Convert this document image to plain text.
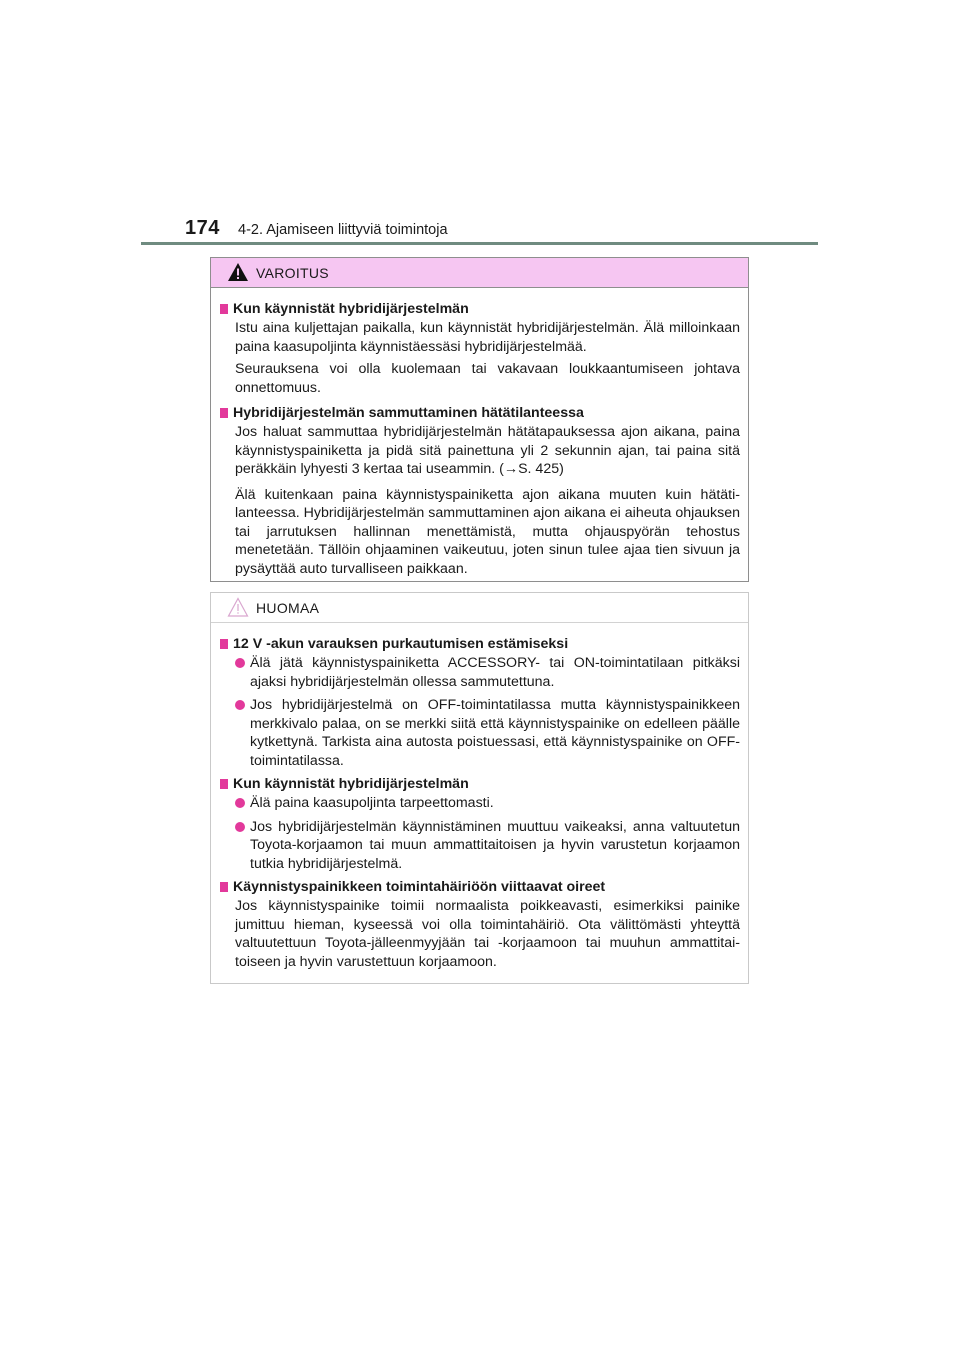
174 4-2. Ajamiseen liittyviä toimintoja
VAROITUS
Kun käynnistät hybridijärjestelmän
Istu aina kuljettajan paikalla, kun käynnistät hybridijärjestelmän. Älä milloinkaan paina kaasupoljinta käynnistäessäsi hybridijärjestelmää.
Seurauksena voi olla kuolemaan tai vakavaan loukkaantumiseen johtava onnettomuus.
Hybridijärjestelmän sammuttaminen hätätilanteessa
Jos haluat sammuttaa hybridijärjestelmän hätätapauksessa ajon aikana, paina käynnistyspainiketta ja pidä sitä painettuna yli 2 sekunnin ajan, tai paina sitä peräkkäin lyhyesti 3 kertaa tai useammin. (→S. 425)
Älä kuitenkaan paina käynnistyspainiketta ajon aikana muuten kuin hätätilanteessa. Hybridijärjestelmän sammuttaminen ajon aikana ei aiheuta ohjauksen tai jarrutuksen hallinnan menettämistä, mutta ohjauspyörän tehostus menetetään. Tällöin ohjaaminen vaikeutuu, joten sinun tulee ajaa tien sivuun ja pysäyttää auto turvalliseen paikkaan.
HUOMAA
12 V -akun varauksen purkautumisen estämiseksi
Älä jätä käynnistyspainiketta ACCESSORY- tai ON-toimintatilaan pitkäksi ajaksi hybridijärjestelmän ollessa sammutettuna.
Jos hybridijärjestelmä on OFF-toimintatilassa mutta käynnistyspainikkeen merkkivalo palaa, on se merkki siitä että käynnistyspainike on edelleen päälle kytkettynä. Tarkista aina autosta poistuessasi, että käynnistyspainike on OFF-toimintatilassa.
Kun käynnistät hybridijärjestelmän
Älä paina kaasupoljinta tarpeettomasti.
Jos hybridijärjestelmän käynnistäminen muuttuu vaikeaksi, anna valtuutetun Toyota-korjaamon tai muun ammattitaitoisen ja hyvin varustetun korjaamon tutkia hybridijärjestelmä.
Käynnistyspainikkeen toimintahäiriöön viittaavat oireet
Jos käynnistyspainike toimii normaalista poikkeavasti, esimerkiksi painike jumittuu hieman, kyseessä voi olla toimintahäiriö. Ota välittömästi yhteyttä valtuutettuun Toyota-jälleenmyyjään tai -korjaamoon tai muuhun ammattitaitoiseen ja hyvin varustettuun korjaamoon.
